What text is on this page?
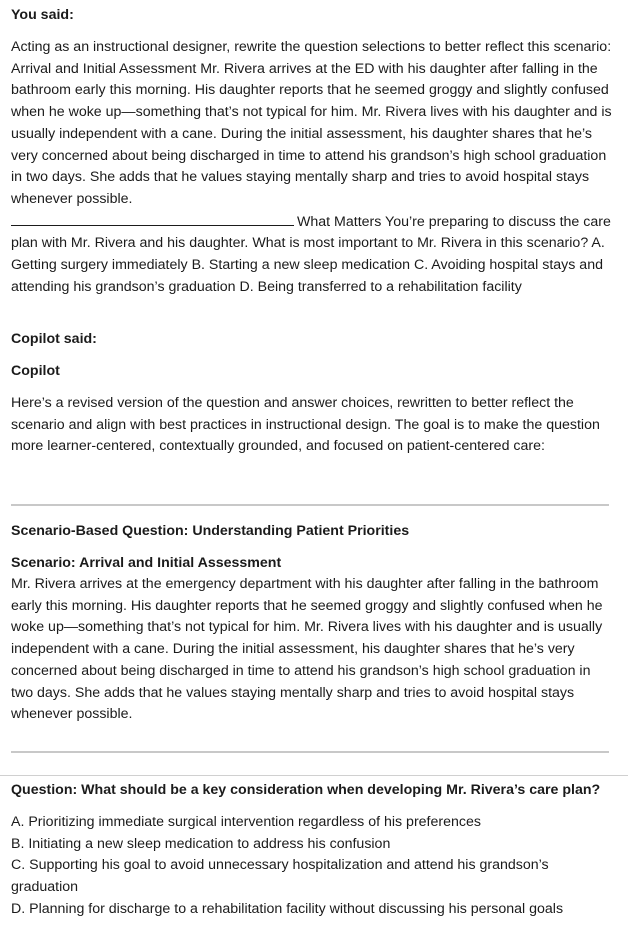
You said:

Acting as an instructional designer, rewrite the question selections to better reflect this scenario: Arrival and Initial Assessment Mr. Rivera arrives at the ED with his daughter after falling in the bathroom early this morning. His daughter reports that he seemed groggy and slightly confused when he woke up—something that’s not typical for him. Mr. Rivera lives with his daughter and is usually independent with a cane. During the initial assessment, his daughter shares that he’s very concerned about being discharged in time to attend his grandson’s high school graduation in two days. She adds that he values staying mentally sharp and tries to avoid hospital stays whenever possible.

What Matters You’re preparing to discuss the care plan with Mr. Rivera and his daughter. What is most important to Mr. Rivera in this scenario? A. Getting surgery immediately B. Starting a new sleep medication C. Avoiding hospital stays and attending his grandson’s graduation D. Being transferred to a rehabilitation facility

Copilot said:

Copilot

Here’s a revised version of the question and answer choices, rewritten to better reflect the scenario and align with best practices in instructional design. The goal is to make the question more learner-centered, contextually grounded, and focused on patient-centered care:

Scenario-Based Question: Understanding Patient Priorities

Scenario: Arrival and Initial Assessment

Mr. Rivera arrives at the emergency department with his daughter after falling in the bathroom early this morning. His daughter reports that he seemed groggy and slightly confused when he woke up—something that’s not typical for him. Mr. Rivera lives with his daughter and is usually independent with a cane. During the initial assessment, his daughter shares that he’s very concerned about being discharged in time to attend his grandson’s high school graduation in two days. She adds that he values staying mentally sharp and tries to avoid hospital stays whenever possible.

Question: What should be a key consideration when developing Mr. Rivera’s care plan?

A. Prioritizing immediate surgical intervention regardless of his preferences

B. Initiating a new sleep medication to address his confusion

C. Supporting his goal to avoid unnecessary hospitalization and attend his grandson’s graduation

D. Planning for discharge to a rehabilitation facility without discussing his personal goals
